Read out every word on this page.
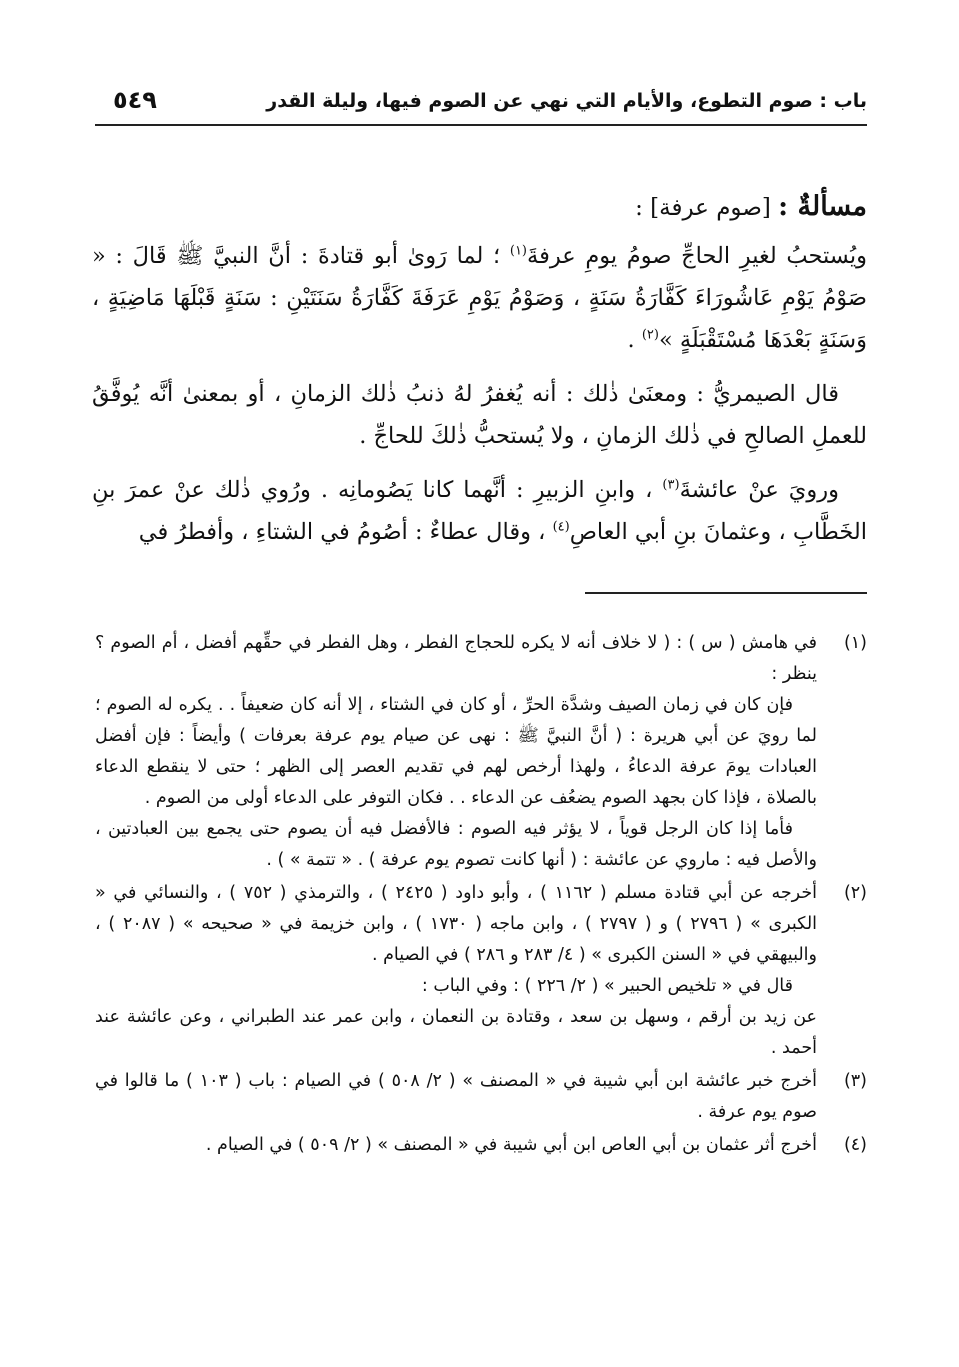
باب : صوم التطوع، والأيام التي نهي عن الصوم فيها، وليلة القدر
٥٤٩
مسألةٌ : [صوم عرفة] :

ويُستحبُ لغيرِ الحاجِّ صومُ يومِ عرفةَ$^{(١)}$ ؛ لما رَوىٰ أبو قتادةَ : أنَّ النبيَّ ﷺ قَالَ : « صَوْمُ يَوْمِ عَاشُورَاءَ كَفَّارَةُ سَنَةٍ ، وَصَوْمُ يَوْمِ عَرَفَةَ كَفَّارَةُ سَنَتَيْنِ : سَنَةٍ قَبْلَهَا مَاضِيَةٍ ، وَسَنَةٍ بَعْدَهَا مُسْتَقْبَلَةٍ »$^{(٢)}$ .

قال الصيمريُّ : ومعنَىٰ ذٰلك : أنه يُغفرُ لهُ ذنبُ ذٰلك الزمانِ ، أو بمعنىٰ أنَّه يُوفَّقُ للعملِ الصالحِ في ذٰلك الزمانِ ، ولا يُستحبُّ ذٰلكَ للحاجِّ .

ورويَ عنْ عائشةَ$^{(٣)}$ ، وابنِ الزبيرِ : أنَّهما كانا يَصُومانِه . ورُوي ذٰلك عنْ عمرَ بنِ الخَطَّابِ ، وعثمانَ بنِ أبي العاصِ$^{(٤)}$ ، وقال عطاءٌ : أصُومُ في الشتاءِ ، وأفطرُ في

(١)
في هامش ( س ) : ( لا خلاف أنه لا يكره للحجاج الفطر ، وهل الفطر في حقِّهم أفضل ، أم الصوم ؟ ينظر :
فإن كان في زمان الصيف وشدَّة الحرِّ ، أو كان في الشتاء ، إلا أنه كان ضعيفاً . . يكره له الصوم ؛ لما رويَ عن أبي هريرة : ( أنَّ النبيَّ ﷺ : نهى عن صيام يوم عرفة بعرفات ) وأيضاً : فإن أفضل العبادات يومَ عرفة الدعاءُ ، ولهذا أرخص لهم في تقديم العصر إلى الظهر ؛ حتى لا ينقطع الدعاء بالصلاة ، فإذا كان بجهد الصوم يضعُف عن الدعاء . . فكان التوفر على الدعاء أولى من الصوم .
فأما إذا كان الرجل قوياً ، لا يؤثر فيه الصوم : فالأفضل فيه أن يصوم حتى يجمع بين العبادتين ، والأصل فيه : ماروي عن عائشة : ( أنها كانت تصوم يوم عرفة ) . « تتمة » ) .
(٢)
أخرجه عن أبي قتادة مسلم ( ١١٦٢ ) ، وأبو داود ( ٢٤٢٥ ) ، والترمذي ( ٧٥٢ ) ، والنسائي في « الكبرى » ( ٢٧٩٦ ) و ( ٢٧٩٧ ) ، وابن ماجه ( ١٧٣٠ ) ، وابن خزيمة في « صحيحه » ( ٢٠٨٧ ) ، والبيهقي في « السنن الكبرى » ( ٤/ ٢٨٣ و ٢٨٦ ) في الصيام .
قال في « تلخيص الحبير » ( ٢/ ٢٢٦ ) : وفي الباب :
عن زيد بن أرقم ، وسهل بن سعد ، وقتادة بن النعمان ، وابن عمر عند الطبراني ، وعن عائشة عند أحمد .
(٣)
أخرج خبر عائشة ابن أبي شيبة في « المصنف » ( ٢/ ٥٠٨ ) في الصيام : باب ( ١٠٣ ) ما قالوا في صوم يوم عرفة .
(٤)
أخرج أثر عثمان بن أبي العاص ابن أبي شيبة في « المصنف » ( ٢/ ٥٠٩ ) في الصيام .
